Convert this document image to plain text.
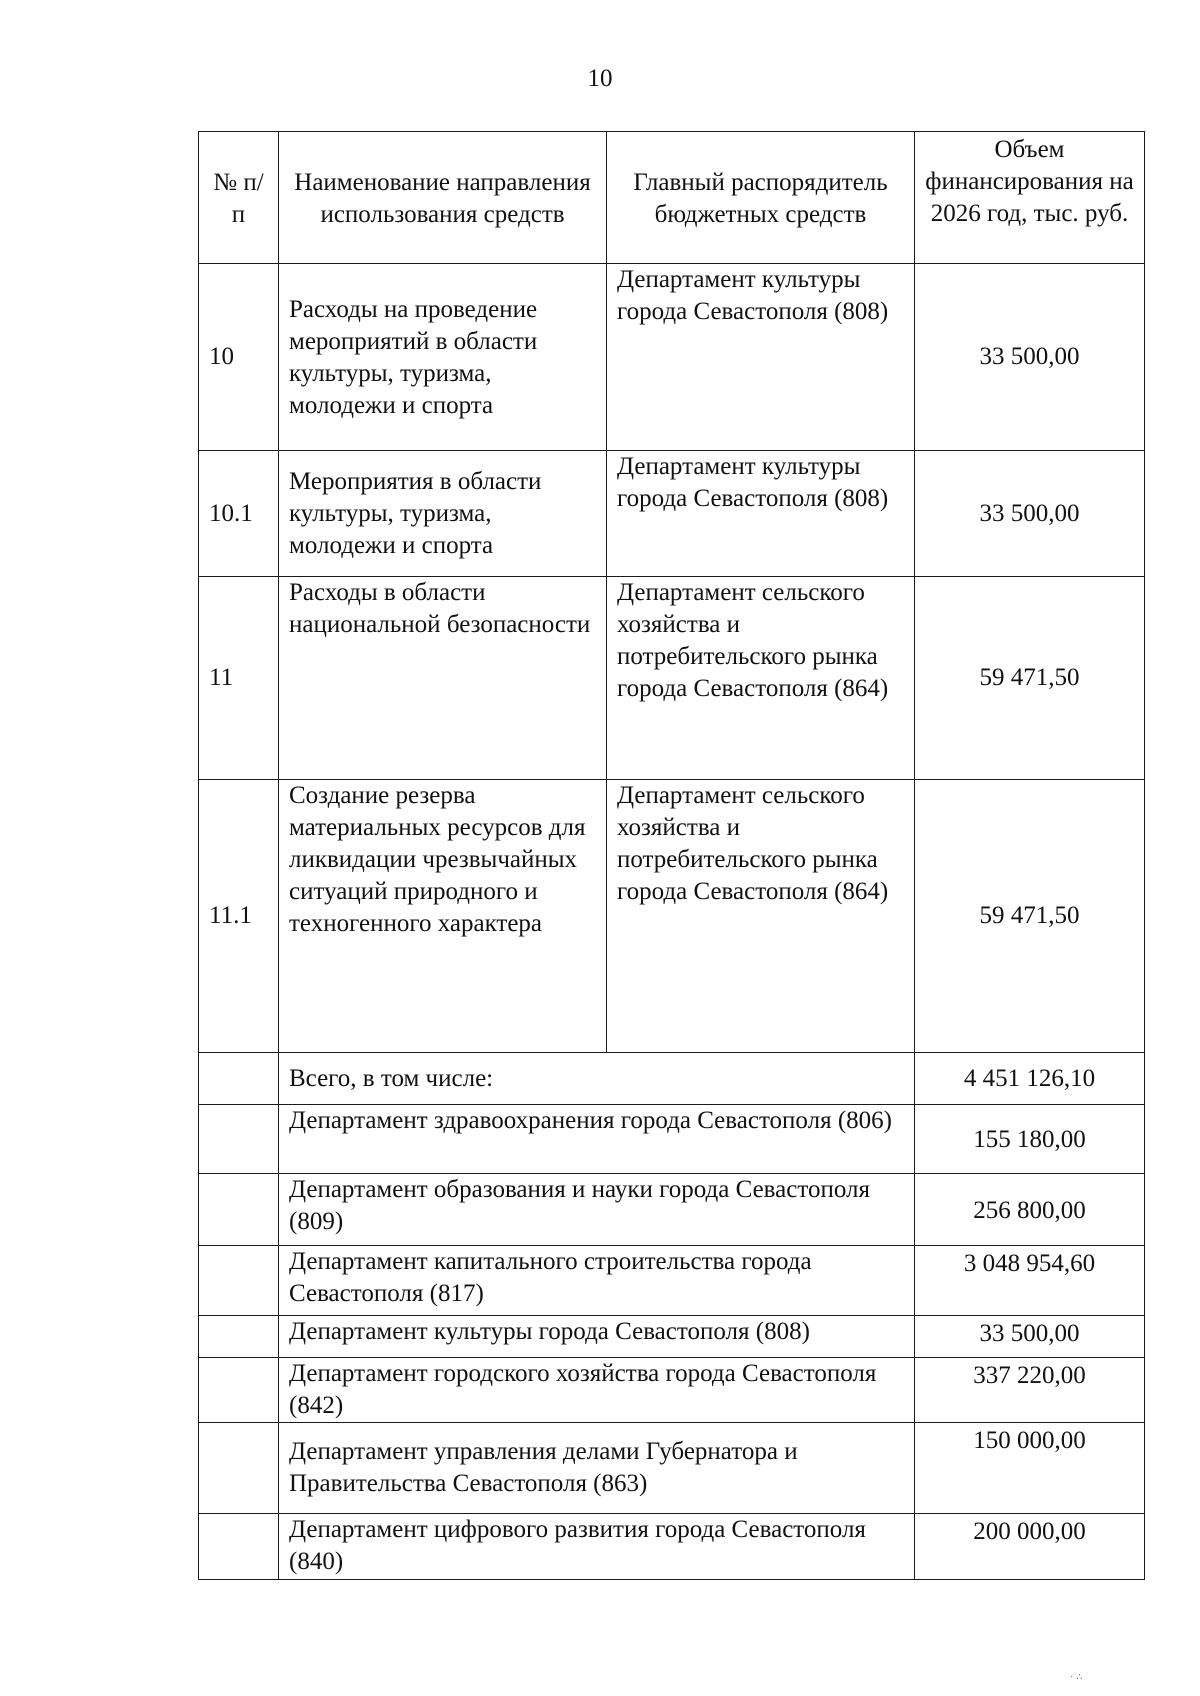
10
№ п/п	Наименование направления использования средств	Главный распорядитель бюджетных средств	Объем финансирования на 2026 год, тыс. руб.
10	Расходы на проведение мероприятий в области культуры, туризма, молодежи и спорта	Департамент культуры города Севастополя (808)	33 500,00
10.1	Мероприятия в области культуры, туризма, молодежи и спорта	Департамент культуры города Севастополя (808)	33 500,00
11	Расходы в области национальной безопасности	Департамент сельского хозяйства и потребительского рынка города Севастополя (864)	59 471,50
11.1	Создание резерва материальных ресурсов для ликвидации чрезвычайных ситуаций природного и техногенного характера	Департамент сельского хозяйства и потребительского рынка города Севастополя (864)	59 471,50
	Всего, в том числе:		4 451 126,10
	Департамент здравоохранения города Севастополя (806)		155 180,00
	Департамент образования и науки города Севастополя (809)		256 800,00
	Департамент капитального строительства города Севастополя (817)		3 048 954,60
	Департамент культуры города Севастополя (808)		33 500,00
	Департамент городского хозяйства города Севастополя (842)		337 220,00
	Департамент управления делами Губернатора и Правительства Севастополя (863)		150 000,00
	Департамент цифрового развития города Севастополя (840)		200 000,00
· ∴
